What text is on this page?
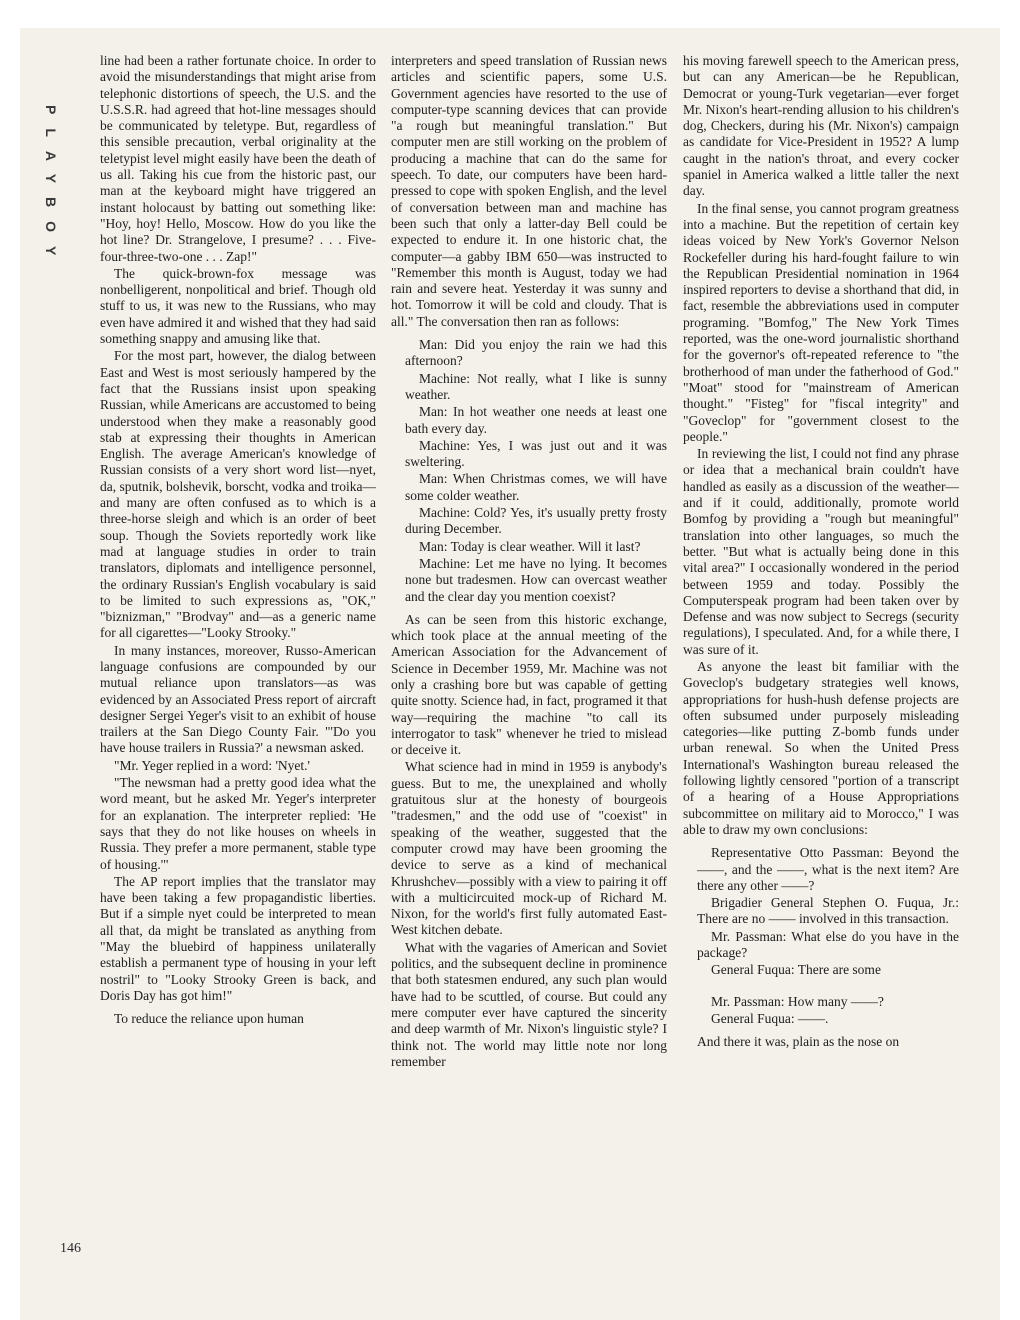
PLAYBOY

line had been a rather fortunate choice. In order to avoid the misunderstandings that might arise from telephonic distortions of speech, the U.S. and the U.S.S.R. had agreed that hot-line messages should be communicated by teletype. But, regardless of this sensible precaution, verbal originality at the teletypist level might easily have been the death of us all. Taking his cue from the historic past, our man at the keyboard might have triggered an instant holocaust by batting out something like: "Hoy, hoy! Hello, Moscow. How do you like the hot line? Dr. Strangelove, I presume? . . . Five-four-three-two-one . . . Zap!"

The quick-brown-fox message was nonbelligerent, nonpolitical and brief. Though old stuff to us, it was new to the Russians, who may even have admired it and wished that they had said something snappy and amusing like that.

For the most part, however, the dialog between East and West is most seriously hampered by the fact that the Russians insist upon speaking Russian, while Americans are accustomed to being understood when they make a reasonably good stab at expressing their thoughts in American English. The average American's knowledge of Russian consists of a very short word list—nyet, da, sputnik, bolshevik, borscht, vodka and troika—and many are often confused as to which is a three-horse sleigh and which is an order of beet soup. Though the Soviets reportedly work like mad at language studies in order to train translators, diplomats and intelligence personnel, the ordinary Russian's English vocabulary is said to be limited to such expressions as, "OK," "biznizman," "Brodvay" and—as a generic name for all cigarettes—"Looky Strooky."

In many instances, moreover, Russo-American language confusions are compounded by our mutual reliance upon translators—as was evidenced by an Associated Press report of aircraft designer Sergei Yeger's visit to an exhibit of house trailers at the San Diego County Fair. "'Do you have house trailers in Russia?' a newsman asked.

"Mr. Yeger replied in a word: 'Nyet.'

"The newsman had a pretty good idea what the word meant, but he asked Mr. Yeger's interpreter for an explanation. The interpreter replied: 'He says that they do not like houses on wheels in Russia. They prefer a more permanent, stable type of housing.'"

The AP report implies that the translator may have been taking a few propagandistic liberties. But if a simple nyet could be interpreted to mean all that, da might be translated as anything from "May the bluebird of happiness unilaterally establish a permanent type of housing in your left nostril" to "Looky Strooky Green is back, and Doris Day has got him!"

To reduce the reliance upon human

interpreters and speed translation of Russian news articles and scientific papers, some U.S. Government agencies have resorted to the use of computer-type scanning devices that can provide "a rough but meaningful translation." But computer men are still working on the problem of producing a machine that can do the same for speech. To date, our computers have been hard-pressed to cope with spoken English, and the level of conversation between man and machine has been such that only a latter-day Bell could be expected to endure it. In one historic chat, the computer—a gabby IBM 650—was instructed to "Remember this month is August, today we had rain and severe heat. Yesterday it was sunny and hot. Tomorrow it will be cold and cloudy. That is all." The conversation then ran as follows:

Man: Did you enjoy the rain we had this afternoon?

Machine: Not really, what I like is sunny weather.

Man: In hot weather one needs at least one bath every day.

Machine: Yes, I was just out and it was sweltering.

Man: When Christmas comes, we will have some colder weather.

Machine: Cold? Yes, it's usually pretty frosty during December.

Man: Today is clear weather. Will it last?

Machine: Let me have no lying. It becomes none but tradesmen. How can overcast weather and the clear day you mention coexist?

As can be seen from this historic exchange, which took place at the annual meeting of the American Association for the Advancement of Science in December 1959, Mr. Machine was not only a crashing bore but was capable of getting quite snotty. Science had, in fact, programed it that way—requiring the machine "to call its interrogator to task" whenever he tried to mislead or deceive it.

What science had in mind in 1959 is anybody's guess. But to me, the unexplained and wholly gratuitous slur at the honesty of bourgeois "tradesmen," and the odd use of "coexist" in speaking of the weather, suggested that the computer crowd may have been grooming the device to serve as a kind of mechanical Khrushchev—possibly with a view to pairing it off with a multicircuited mock-up of Richard M. Nixon, for the world's first fully automated East-West kitchen debate.

What with the vagaries of American and Soviet politics, and the subsequent decline in prominence that both statesmen endured, any such plan would have had to be scuttled, of course. But could any mere computer ever have captured the sincerity and deep warmth of Mr. Nixon's linguistic style? I think not. The world may little note nor long remember

his moving farewell speech to the American press, but can any American—be he Republican, Democrat or young-Turk vegetarian—ever forget Mr. Nixon's heart-rending allusion to his children's dog, Checkers, during his (Mr. Nixon's) campaign as candidate for Vice-President in 1952? A lump caught in the nation's throat, and every cocker spaniel in America walked a little taller the next day.

In the final sense, you cannot program greatness into a machine. But the repetition of certain key ideas voiced by New York's Governor Nelson Rockefeller during his hard-fought failure to win the Republican Presidential nomination in 1964 inspired reporters to devise a shorthand that did, in fact, resemble the abbreviations used in computer programing. "Bomfog," The New York Times reported, was the one-word journalistic shorthand for the governor's oft-repeated reference to "the brotherhood of man under the fatherhood of God." "Moat" stood for "mainstream of American thought." "Fisteg" for "fiscal integrity" and "Goveclop" for "government closest to the people."

In reviewing the list, I could not find any phrase or idea that a mechanical brain couldn't have handled as easily as a discussion of the weather—and if it could, additionally, promote world Bomfog by providing a "rough but meaningful" translation into other languages, so much the better. "But what is actually being done in this vital area?" I occasionally wondered in the period between 1959 and today. Possibly the Computerspeak program had been taken over by Defense and was now subject to Secregs (security regulations), I speculated. And, for a while there, I was sure of it.

As anyone the least bit familiar with the Goveclop's budgetary strategies well knows, appropriations for hush-hush defense projects are often subsumed under purposely misleading categories—like putting Z-bomb funds under urban renewal. So when the United Press International's Washington bureau released the following lightly censored "portion of a transcript of a hearing of a House Appropriations subcommittee on military aid to Morocco," I was able to draw my own conclusions:

Representative Otto Passman: Beyond the ——, and the ——, what is the next item? Are there any other ——?

Brigadier General Stephen O. Fuqua, Jr.: There are no —— involved in this transaction.

Mr. Passman: What else do you have in the package?

General Fuqua: There are some

Mr. Passman: How many ——?

General Fuqua: ——.

And there it was, plain as the nose on

146
